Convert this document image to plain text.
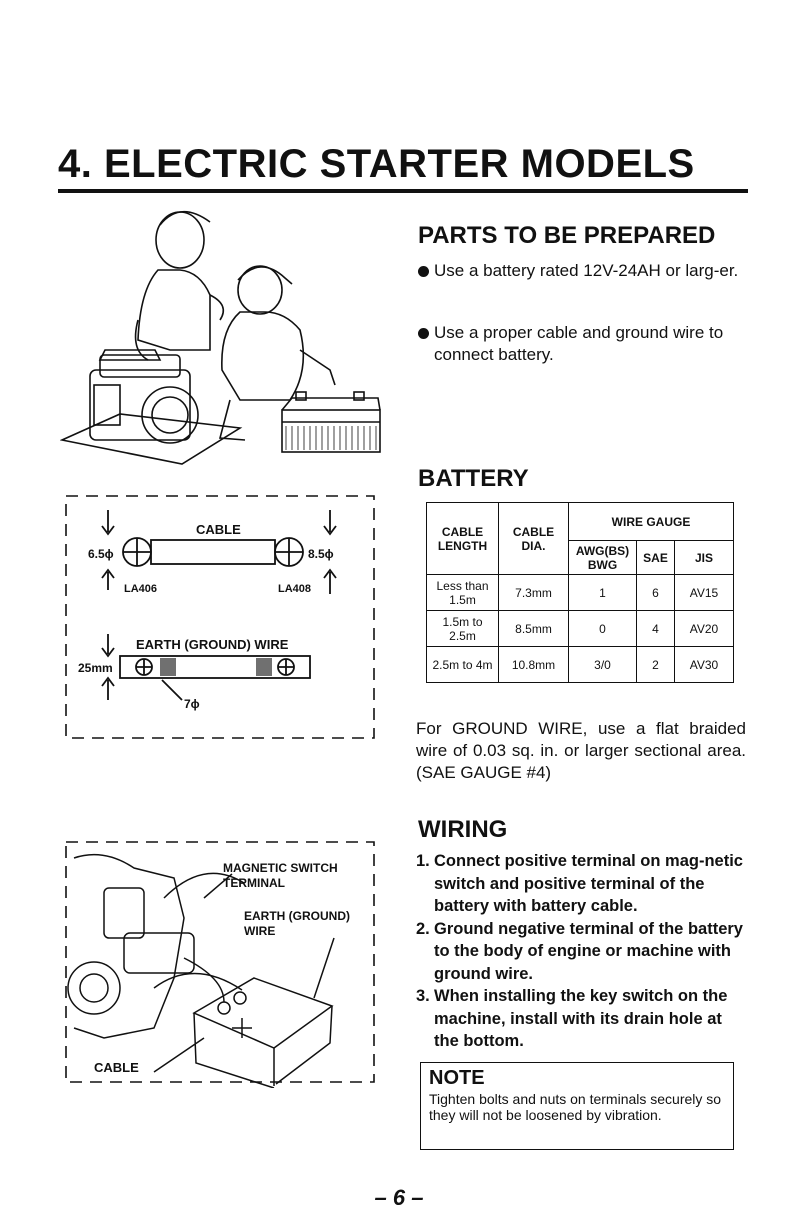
4. ELECTRIC STARTER MODELS
CABLE
6.5ϕ	8.5ϕ
LA406	LA408
EARTH (GROUND) WIRE
25mm
7ϕ
MAGNETIC SWITCH TERMINAL
EARTH (GROUND) WIRE
CABLE
PARTS TO BE PREPARED
Use a battery rated 12V-24AH or larg-er.
Use a proper cable and ground wire to connect battery.
BATTERY
CABLE LENGTH	CABLE DIA.	WIRE GAUGE		
		AWG(BS) BWG	SAE	JIS
Less than 1.5m	7.3mm	1	6	AV15
1.5m to 2.5m	8.5mm	0	4	AV20
2.5m to 4m	10.8mm	3/0	2	AV30
For GROUND WIRE, use a flat braided wire of 0.03 sq. in. or larger sectional area. (SAE GAUGE #4)
WIRING
1. Connect positive terminal on mag-netic switch and positive terminal of the battery with battery cable.
2. Ground negative terminal of the battery to the body of engine or machine with ground wire.
3. When installing the key switch on the machine, install with its drain hole at the bottom.
NOTE
Tighten bolts and nuts on terminals securely so they will not be loosened by vibration.
– 6 –
